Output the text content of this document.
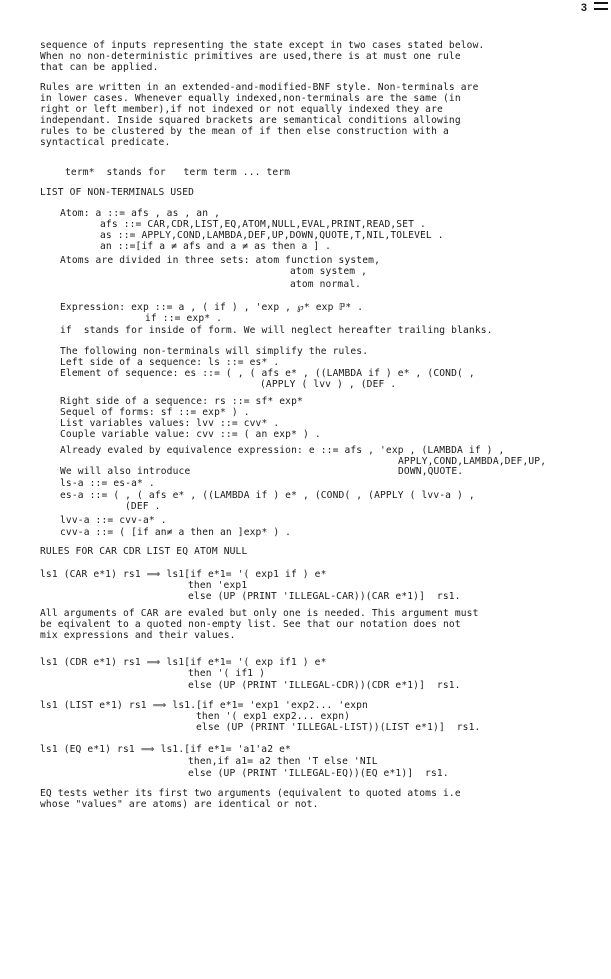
3
sequence of inputs representing the state except in two cases stated below.
When no non-deterministic primitives are used,there is at must one rule
that can be applied.
Rules are written in an extended-and-modified-BNF style. Non-terminals are
in lower cases. Whenever equally indexed,non-terminals are the same (in
right or left member),if not indexed or not equally indexed they are
independant. Inside squared brackets are semantical conditions allowing
rules to be clustered by the mean of if then else construction with a
syntactical predicate.
term*  stands for   term term ... term
LIST OF NON-TERMINALS USED
Atom: a ::= afs , as , an ,
afs ::= CAR,CDR,LIST,EQ,ATOM,NULL,EVAL,PRINT,READ,SET .
as ::= APPLY,COND,LAMBDA,DEF,UP,DOWN,QUOTE,T,NIL,TOLEVEL .
an ::=[if a ≠ afs and a ≠ as then a ] .
Atoms are divided in three sets: atom function system,
atom system ,
atom normal.
Expression: exp ::= a , ( if ) , 'exp , ℘* exp ℙ* .
if ::= exp* .
if  stands for inside of form. We will neglect hereafter trailing blanks.
The following non-terminals will simplify the rules.
Left side of a sequence: ls ::= es* .
Element of sequence: es ::= ( , ( afs e* , ((LAMBDA if ) e* , (COND( ,
(APPLY ( lvv ) , (DEF .
Right side of a sequence: rs ::= sf* exp*
Sequel of forms: sf ::= exp* ) .
List variables values: lvv ::= cvv* .
Couple variable value: cvv ::= ( an exp* ) .
Already evaled by equivalence expression: e ::= afs , 'exp , (LAMBDA if ) ,
APPLY,COND,LAMBDA,DEF,UP,
DOWN,QUOTE.
We will also introduce
ls-a ::= es-a* .
es-a ::= ( , ( afs e* , ((LAMBDA if ) e* , (COND( , (APPLY ( lvv-a ) ,
(DEF .
lvv-a ::= cvv-a* .
cvv-a ::= ( [if an≠ a then an ]exp* ) .
RULES FOR CAR CDR LIST EQ ATOM NULL
ls1 (CAR e*1) rs1 ⟹ ls1[if e*1= '( exp1 if ) e*
then 'exp1
else (UP (PRINT 'ILLEGAL-CAR))(CAR e*1)]  rs1.
All arguments of CAR are evaled but only one is needed. This argument must
be eqivalent to a quoted non-empty list. See that our notation does not
mix expressions and their values.
ls1 (CDR e*1) rs1 ⟹ ls1[if e*1= '( exp if1 ) e*
then '( if1 )
else (UP (PRINT 'ILLEGAL-CDR))(CDR e*1)]  rs1.
ls1 (LIST e*1) rs1 ⟹ ls1.[if e*1= 'exp1 'exp2... 'expn
then '( exp1 exp2... expn)
else (UP (PRINT 'ILLEGAL-LIST))(LIST e*1)]  rs1.
ls1 (EQ e*1) rs1 ⟹ ls1.[if e*1= 'a1'a2 e*
then,if a1= a2 then 'T else 'NIL
else (UP (PRINT 'ILLEGAL-EQ))(EQ e*1)]  rs1.
EQ tests wether its first two arguments (equivalent to quoted atoms i.e
whose "values" are atoms) are identical or not.
